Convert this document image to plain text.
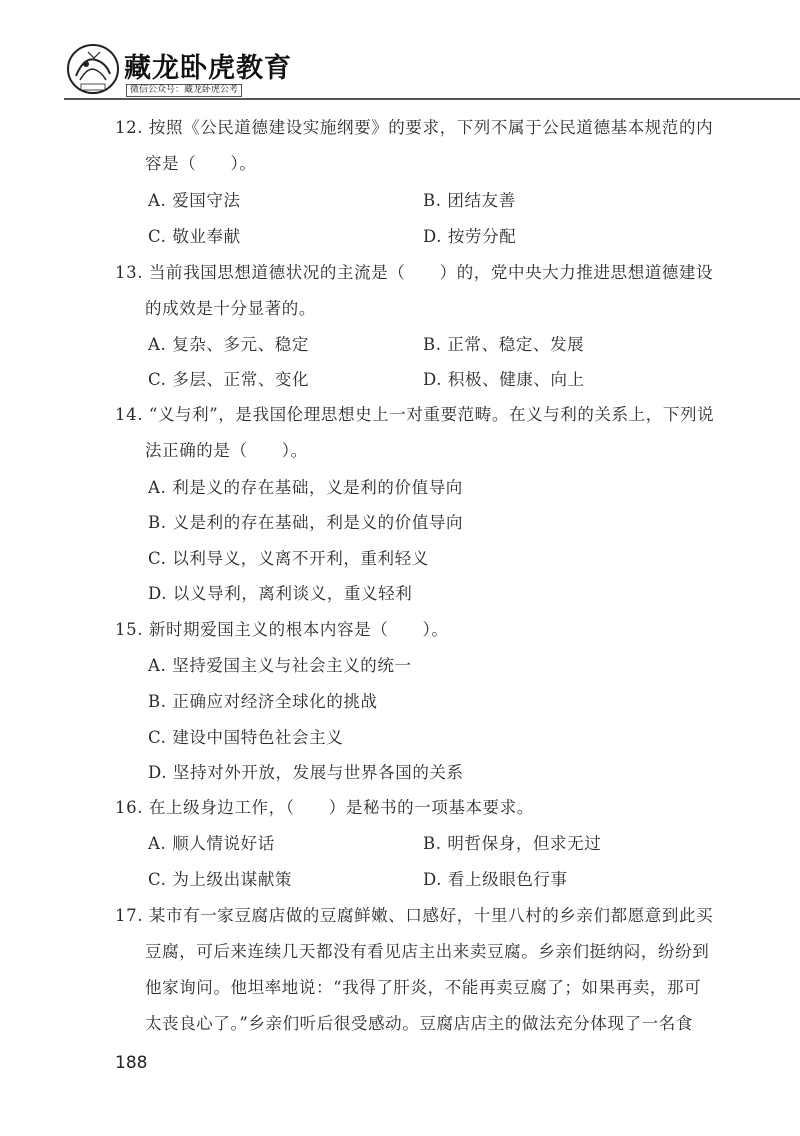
藏龙卧虎教育
微信公众号：藏龙卧虎公考
12. 按照《公民道德建设实施纲要》的要求，下列不属于公民道德基本规范的内
容是（　　）。
A. 爱国守法	B. 团结友善
C. 敬业奉献	D. 按劳分配
13. 当前我国思想道德状况的主流是（　　）的，党中央大力推进思想道德建设
的成效是十分显著的。
A. 复杂、多元、稳定	B. 正常、稳定、发展
C. 多层、正常、变化	D. 积极、健康、向上
14. “义与利”，是我国伦理思想史上一对重要范畴。在义与利的关系上，下列说
法正确的是（　　）。
A. 利是义的存在基础，义是利的价值导向
B. 义是利的存在基础，利是义的价值导向
C. 以利导义，义离不开利，重利轻义
D. 以义导利，离利谈义，重义轻利
15. 新时期爱国主义的根本内容是（　　）。
A. 坚持爱国主义与社会主义的统一
B. 正确应对经济全球化的挑战
C. 建设中国特色社会主义
D. 坚持对外开放，发展与世界各国的关系
16. 在上级身边工作，（　　）是秘书的一项基本要求。
A. 顺人情说好话	B. 明哲保身，但求无过
C. 为上级出谋献策	D. 看上级眼色行事
17. 某市有一家豆腐店做的豆腐鲜嫩、口感好，十里八村的乡亲们都愿意到此买
豆腐，可后来连续几天都没有看见店主出来卖豆腐。乡亲们挺纳闷，纷纷到
他家询问。他坦率地说：“我得了肝炎，不能再卖豆腐了；如果再卖，那可
太丧良心了。”乡亲们听后很受感动。豆腐店店主的做法充分体现了一名食
188
